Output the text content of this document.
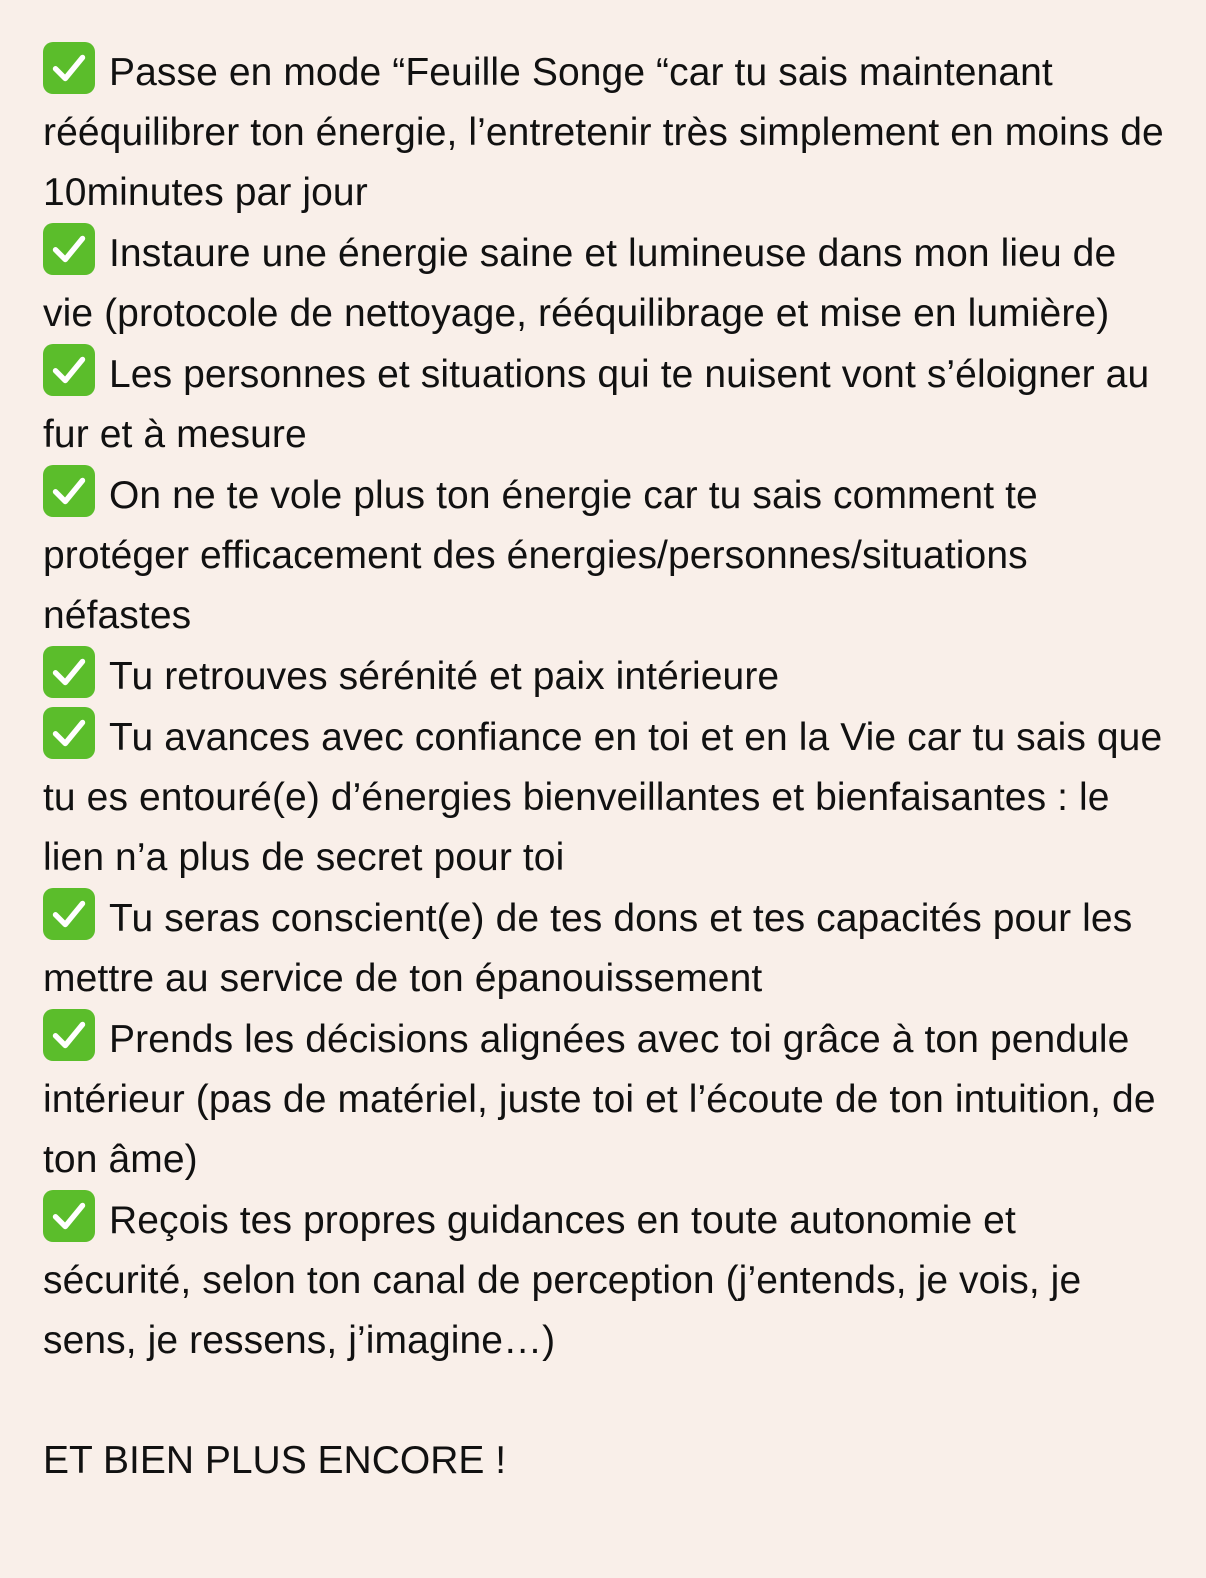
Passe en mode “Feuille Songe “car tu sais maintenant rééquilibrer ton énergie, l’entretenir très simplement en moins de 10minutes par jour
Instaure une énergie saine et lumineuse dans mon lieu de vie (protocole de nettoyage, rééquilibrage et mise en lumière)
Les personnes et situations qui te nuisent vont s’éloigner au fur et à mesure
On ne te vole plus ton énergie car tu sais comment te protéger efficacement des énergies/personnes/situations néfastes
Tu retrouves sérénité et paix intérieure
Tu avances avec confiance en toi et en la Vie car tu sais que tu es entouré(e) d’énergies bienveillantes et bienfaisantes : le lien n’a plus de secret pour toi
Tu seras conscient(e) de tes dons et tes capacités pour les mettre au service de ton épanouissement
Prends les décisions alignées avec toi grâce à ton pendule intérieur (pas de matériel, juste toi et l’écoute de ton intuition, de ton âme)
Reçois tes propres guidances en toute autonomie et sécurité, selon ton canal de perception (j’entends, je vois, je sens, je ressens, j’imagine…)

ET BIEN PLUS ENCORE !
